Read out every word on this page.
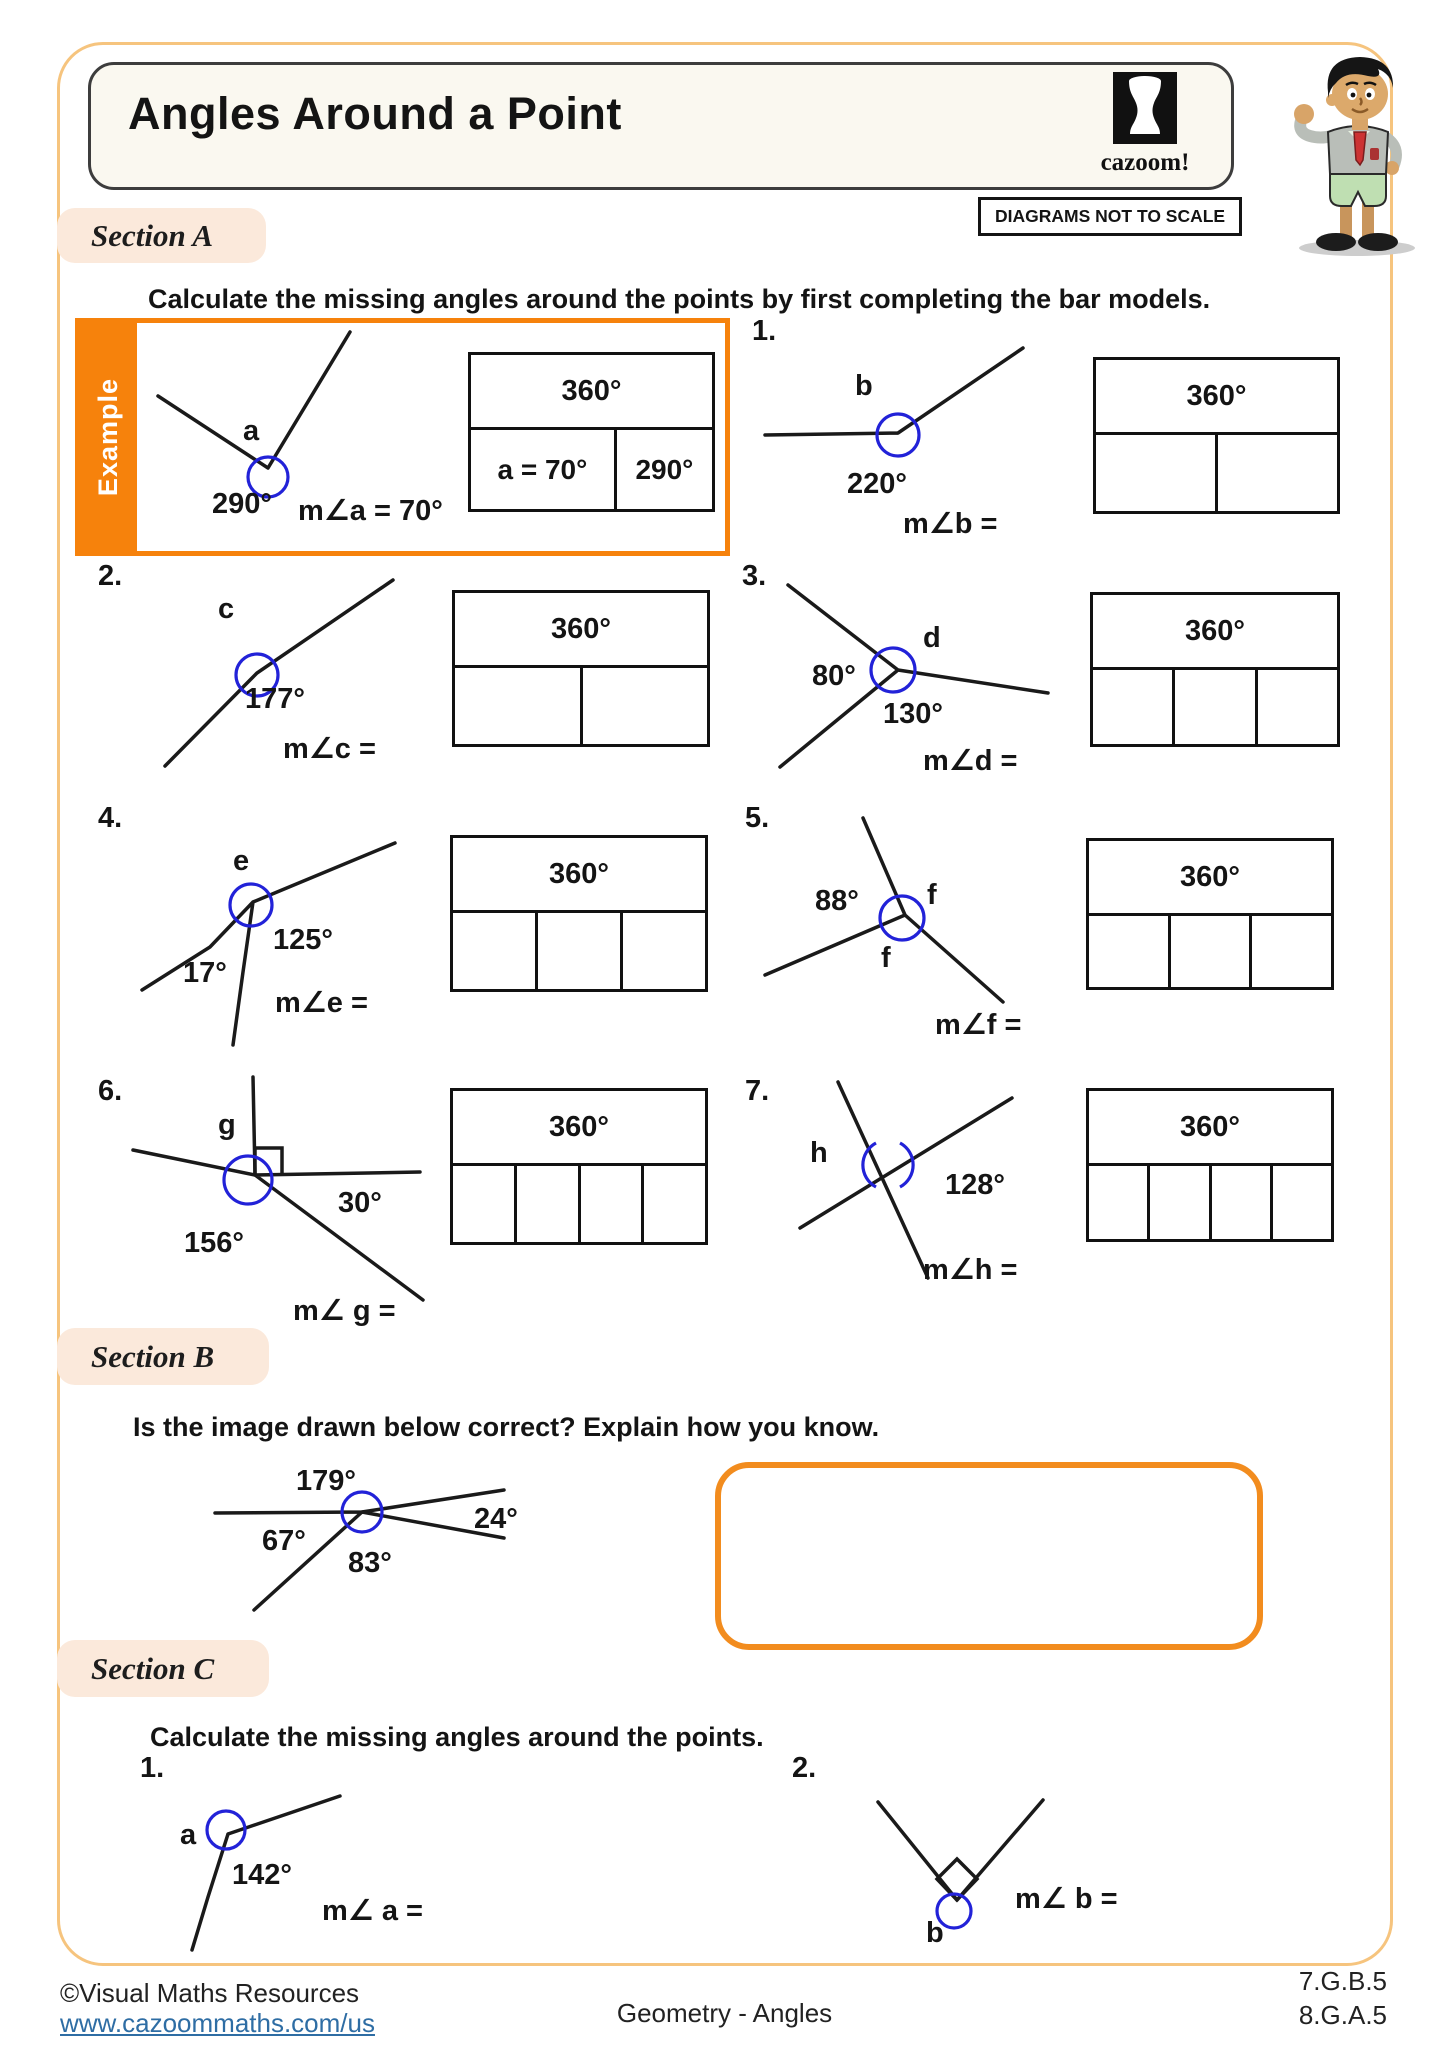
Angles Around a Point
cazoom!
DIAGRAMS NOT TO SCALE
Section A
Calculate the missing angles around the points by first completing the bar models.
Example	a
290° m∠a = 70°
360°
a = 70°	290°
1.
b
220°
m∠b =
360°
2.
c
177°
m∠c =
360°
3.
d
80°
130°
m∠d =
360°
4.
e
125°
17°
m∠e =
360°
5.
88° f
f
m∠f =
360°
6.
g
30°
156°
m∠ g =
360°
7.
h
128°
m∠h =
360°
Section B
Is the image drawn below correct? Explain how you know.
179°
67°
83°
24°
Section C
Calculate the missing angles around the points.
1.
a
142°
m∠ a =
2.
b
m∠ b =
©Visual Maths Resources
www.cazoommaths.com/us	Geometry - Angles
7.G.B.5
8.G.A.5
